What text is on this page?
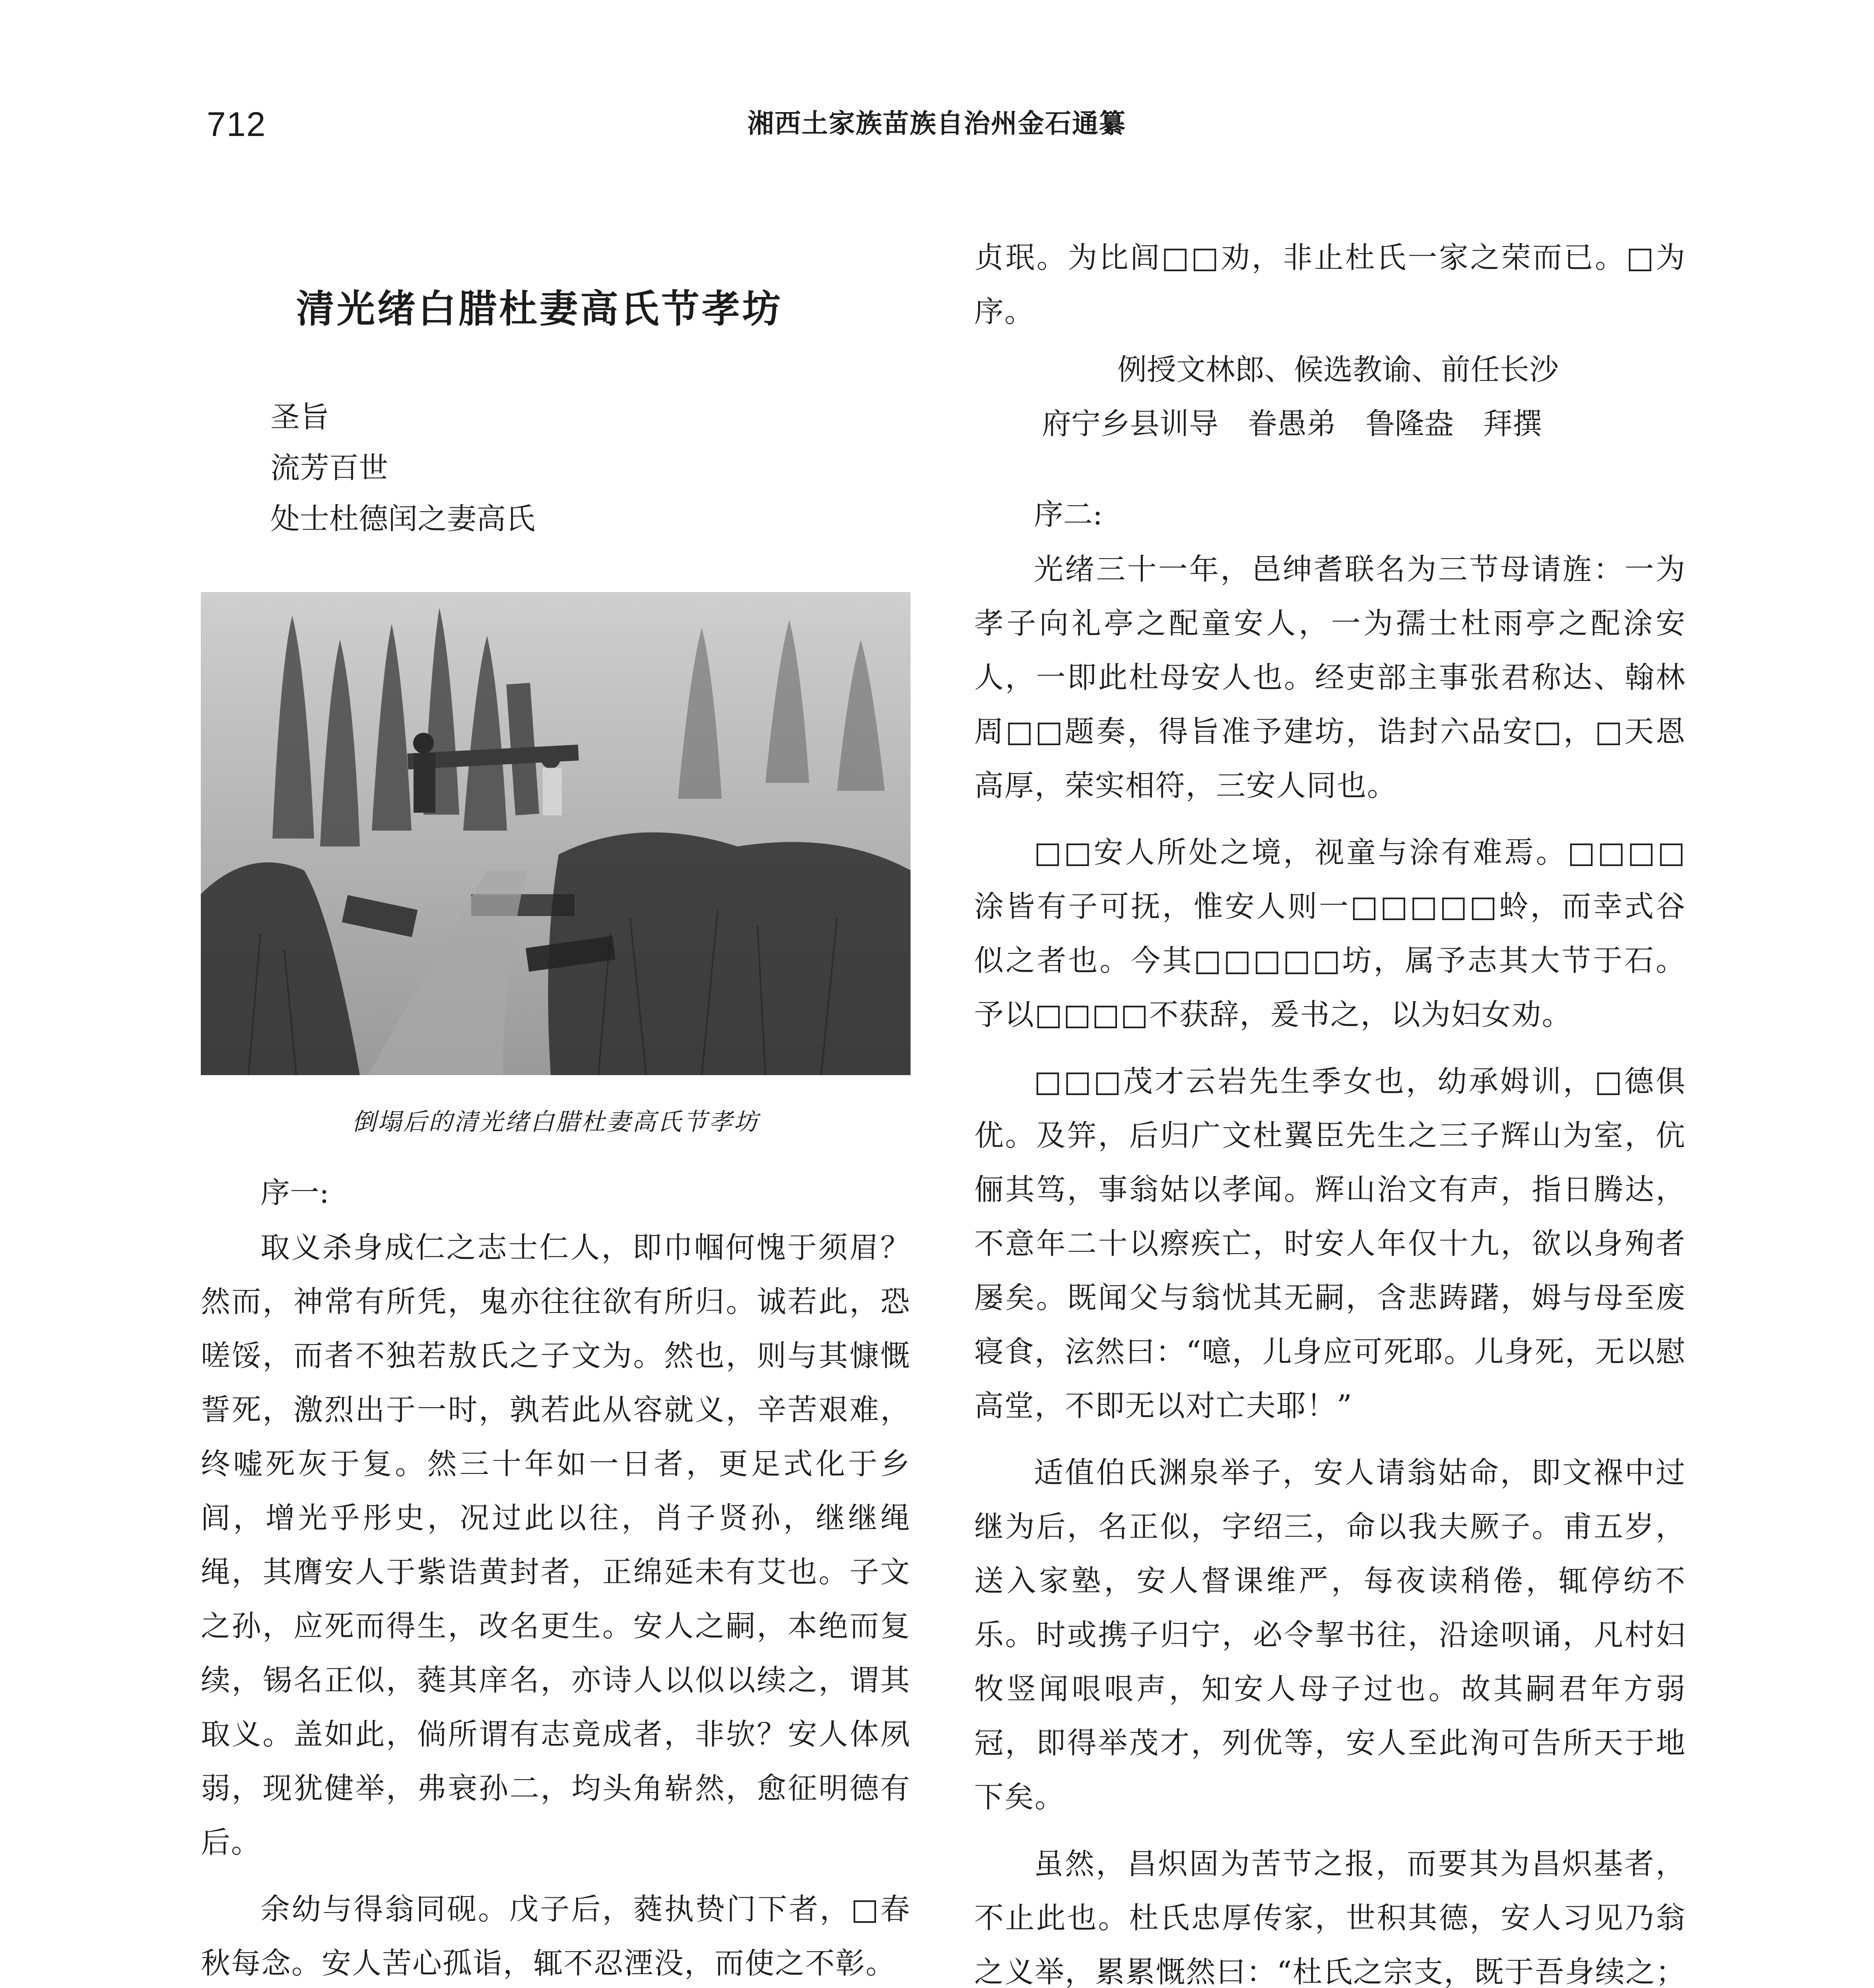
712	湘西土家族苗族自治州金石通纂
清光绪白腊杜妻高氏节孝坊
圣旨
流芳百世
处士杜德闰之妻高氏
倒塌后的清光绪白腊杜妻高氏节孝坊
序一:

取义杀身成仁之志士仁人，即巾帼何愧于须眉？然而，神常有所凭，鬼亦往往欲有所归。诚若此，恐嗟馁，而者不独若敖氏之子文为。然也，则与其慷慨誓死，激烈出于一时，孰若此从容就义，辛苦艰难，终嘘死灰于复。然三十年如一日者，更足式化于乡闾，增光乎彤史，况过此以往，肖子贤孙，继继绳绳，其膺安人于紫诰黄封者，正绵延未有艾也。子文之孙，应死而得生，改名更生。安人之嗣，本绝而复续，锡名正似，蕤其庠名，亦诗人以似以续之，谓其取义。盖如此，倘所谓有志竟成者，非欤？安人体夙弱，现犹健举，弗衰孙二，均头角崭然，愈征明德有后。

余幼与得翁同砚。戊子后，蕤执贽门下者，□春秋每念。安人苦心孤诣，辄不忍湮没，而使之不彰。

贞珉。为比闾□□劝，非止杜氏一家之荣而已。□为序。

例授文林郎、候选教谕、前任长沙
府宁乡县训导　眷愚弟　鲁隆盎　拜撰
序二:

光绪三十一年，邑绅耆联名为三节母请旌：一为孝子向礼亭之配童安人，一为孺士杜雨亭之配涂安人，一即此杜母安人也。经吏部主事张君称达、翰林周□□题奏，得旨准予建坊，诰封六品安□，□天恩高厚，荣实相符，三安人同也。

□□安人所处之境，视童与涂有难焉。□□□□涂皆有子可抚，惟安人则一□□□□□蛉，而幸式谷似之者也。今其□□□□□坊，属予志其大节于石。予以□□□□不获辞，爰书之，以为妇女劝。

□□□茂才云岩先生季女也，幼承姆训，□德俱优。及笄，后归广文杜翼臣先生之三子辉山为室，伉俪其笃，事翁姑以孝闻。辉山治文有声，指日腾达，不意年二十以瘵疾亡，时安人年仅十九，欲以身殉者屡矣。既闻父与翁忧其无嗣，含悲踌躇，姆与母至废寝食，泫然曰：“噫，儿身应可死耶。儿身死，无以慰高堂，不即无以对亡夫耶！”

适值伯氏渊泉举子，安人请翁姑命，即文褓中过继为后，名正似，字绍三，命以我夫厥子。甫五岁，送入家塾，安人督课维严，每夜读稍倦，辄停纺不乐。时或携子归宁，必令挈书往，沿途呗诵，凡村妇牧竖闻哏哏声，知安人母子过也。故其嗣君年方弱冠，即得举茂才，列优等，安人至此洵可告所天于地下矣。

虽然，昌炽固为苦节之报，而要其为昌炽基者，不止此也。杜氏忠厚传家，世积其德，安人习见乃翁之义举，累累慨然曰：“杜氏之宗支，既于吾身续之；
